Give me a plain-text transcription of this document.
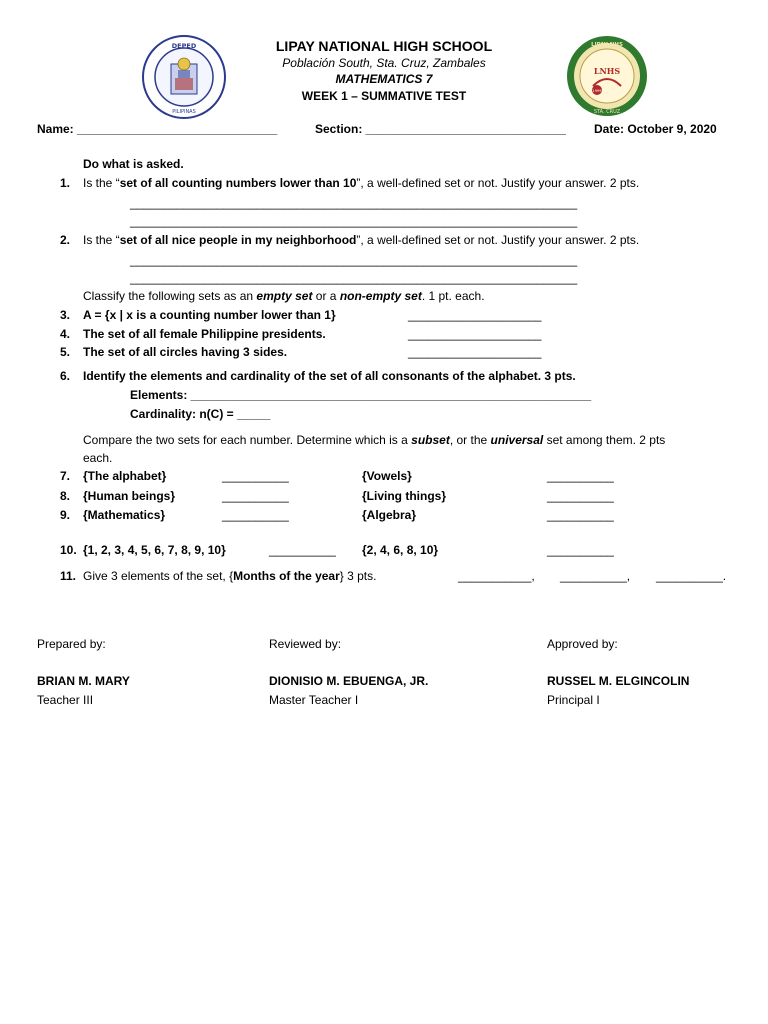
DEPED
PILIPINAS
LIPAY NHS
STA. CRUZ
LNHS
1999
LIPAY NATIONAL HIGH SCHOOL
Población South, Sta. Cruz, Zambales
MATHEMATICS 7
WEEK 1 – SUMMATIVE TEST
Name: ______________________________	Section: ______________________________ Date: October 9, 2020
Do what is asked.
1. Is the “set of all counting numbers lower than 10”, a well-defined set or not. Justify your answer. 2 pts.
___________________________________________________________________
___________________________________________________________________
2. Is the “set of all nice people in my neighborhood”, a well-defined set or not. Justify your answer. 2 pts.
___________________________________________________________________
___________________________________________________________________
Classify the following sets as an empty set or a non-empty set. 1 pt. each.
3. A = {x | x is a counting number lower than 1}	____________________
4. The set of all female Philippine presidents.	____________________
5. The set of all circles having 3 sides.	____________________
6. Identify the elements and cardinality of the set of all consonants of the alphabet. 3 pts.
Elements: ____________________________________________________________
Cardinality: n(C) = _____
Compare the two sets for each number. Determine which is a subset, or the universal set among them. 2 pts
each.
7. {The alphabet}	__________	{Vowels}	__________
8. {Human beings}	__________	{Living things}	__________
9. {Mathematics}	__________	{Algebra}	__________
10. {1, 2, 3, 4, 5, 6, 7, 8, 9, 10}	__________ {2, 4, 6, 8, 10}	__________
11. Give 3 elements of the set, {Months of the year} 3 pts.	___________, __________, __________.
Prepared by:	Reviewed by:	Approved by:
BRIAN M. MARY	DIONISIO M. EBUENGA, JR.	RUSSEL M. ELGINCOLIN
Teacher III	Master Teacher I	Principal I
